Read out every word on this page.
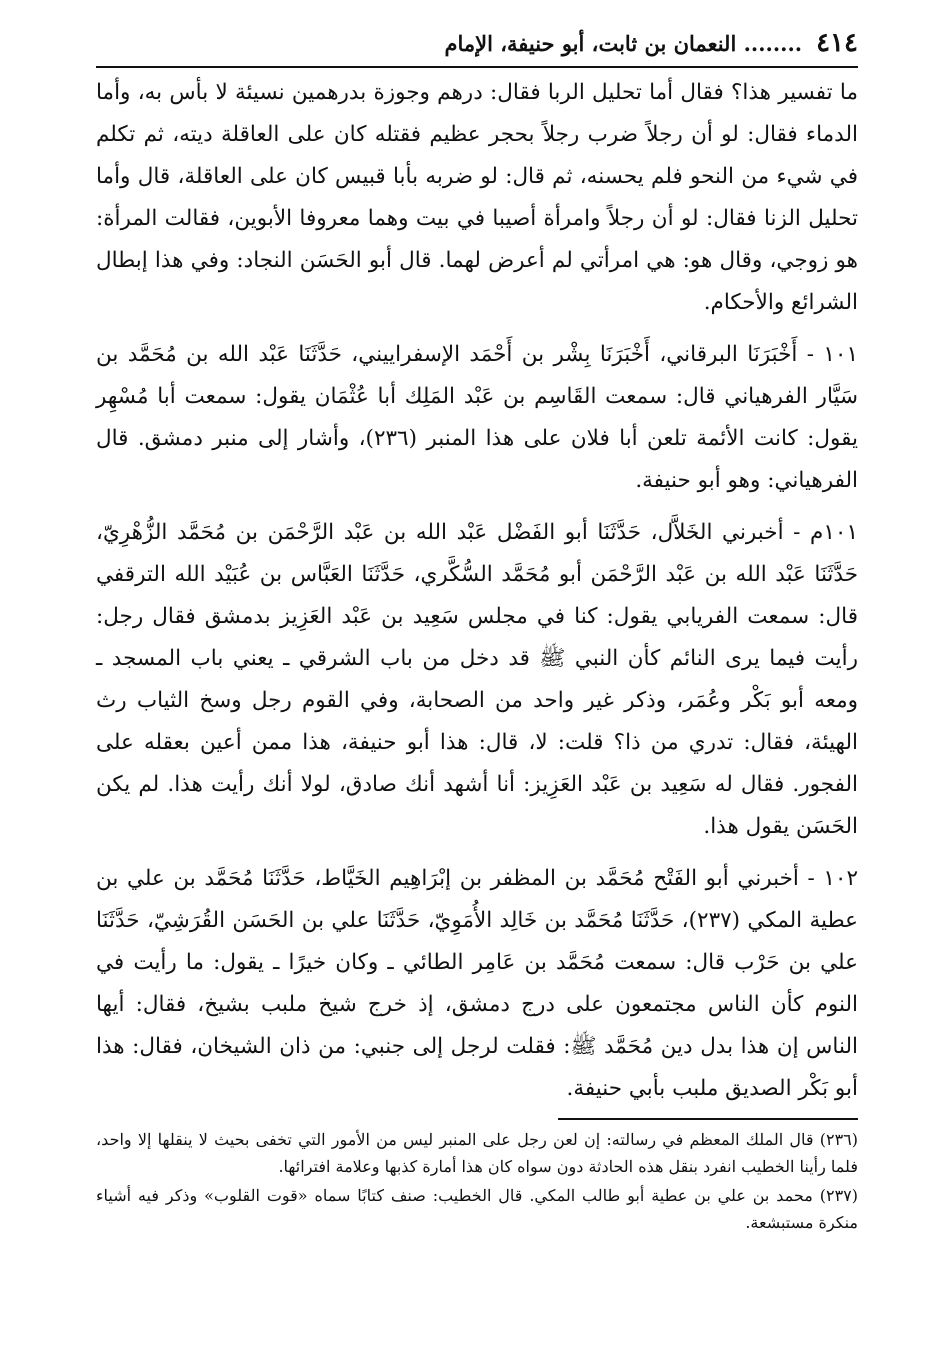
٤١٤
........ النعمان بن ثابت، أبو حنيفة، الإمام

ما تفسير هذا؟ فقال أما تحليل الربا فقال: درهم وجوزة بدرهمين نسيئة لا بأس به، وأما الدماء فقال: لو أن رجلاً ضرب رجلاً بحجر عظيم فقتله كان على العاقلة ديته، ثم تكلم في شيء من النحو فلم يحسنه، ثم قال: لو ضربه بأبا قبيس كان على العاقلة، قال وأما تحليل الزنا فقال: لو أن رجلاً وامرأة أصيبا في بيت وهما معروفا الأبوين، فقالت المرأة: هو زوجي، وقال هو: هي امرأتي لم أعرض لهما. قال أبو الحَسَن النجاد: وفي هذا إبطال الشرائع والأحكام.

١٠١ - أَخْبَرَنَا البرقاني، أَخْبَرَنَا بِشْر بن أَحْمَد الإسفراييني، حَدَّثَنَا عَبْد الله بن مُحَمَّد بن سَيَّار الفرهياني قال: سمعت القَاسِم بن عَبْد المَلِك أبا عُثْمَان يقول: سمعت أبا مُسْهِر يقول: كانت الأئمة تلعن أبا فلان على هذا المنبر (٢٣٦)، وأشار إلى منبر دمشق. قال الفرهياني: وهو أبو حنيفة.

١٠١م - أخبرني الخَلاَّل، حَدَّثَنَا أبو الفَضْل عَبْد الله بن عَبْد الرَّحْمَن بن مُحَمَّد الزُّهْرِيّ، حَدَّثَنَا عَبْد الله بن عَبْد الرَّحْمَن أبو مُحَمَّد السُّكَّري، حَدَّثَنَا العَبَّاس بن عُبَيْد الله الترقفي قال: سمعت الفريابي يقول: كنا في مجلس سَعِيد بن عَبْد العَزِيز بدمشق فقال رجل: رأيت فيما يرى النائم كأن النبي ﷺ قد دخل من باب الشرقي ـ يعني باب المسجد ـ ومعه أبو بَكْر وعُمَر، وذكر غير واحد من الصحابة، وفي القوم رجل وسخ الثياب رث الهيئة، فقال: تدري من ذا؟ قلت: لا، قال: هذا أبو حنيفة، هذا ممن أعين بعقله على الفجور. فقال له سَعِيد بن عَبْد العَزِيز: أنا أشهد أنك صادق، لولا أنك رأيت هذا. لم يكن الحَسَن يقول هذا.

١٠٢ - أخبرني أبو الفَتْح مُحَمَّد بن المظفر بن إبْرَاهِيم الخَيَّاط، حَدَّثَنَا مُحَمَّد بن علي بن عطية المكي (٢٣٧)، حَدَّثَنَا مُحَمَّد بن خَالِد الأُمَوِيّ، حَدَّثَنَا علي بن الحَسَن القُرَشِيّ، حَدَّثَنَا علي بن حَرْب قال: سمعت مُحَمَّد بن عَامِر الطائي ـ وكان خيرًا ـ يقول: ما رأيت في النوم كأن الناس مجتمعون على درج دمشق، إذ خرج شيخ ملبب بشيخ، فقال: أيها الناس إن هذا بدل دين مُحَمَّد ﷺ: فقلت لرجل إلى جنبي: من ذان الشيخان، فقال: هذا أبو بَكْر الصديق ملبب بأبي حنيفة.

(٢٣٦) قال الملك المعظم في رسالته: إن لعن رجل على المنبر ليس من الأمور التي تخفى بحيث لا ينقلها إلا واحد، فلما رأينا الخطيب انفرد بنقل هذه الحادثة دون سواه كان هذا أمارة كذبها وعلامة افترائها.

(٢٣٧) محمد بن علي بن عطية أبو طالب المكي. قال الخطيب: صنف كتابًا سماه «قوت القلوب» وذكر فيه أشياء منكرة مستبشعة.
